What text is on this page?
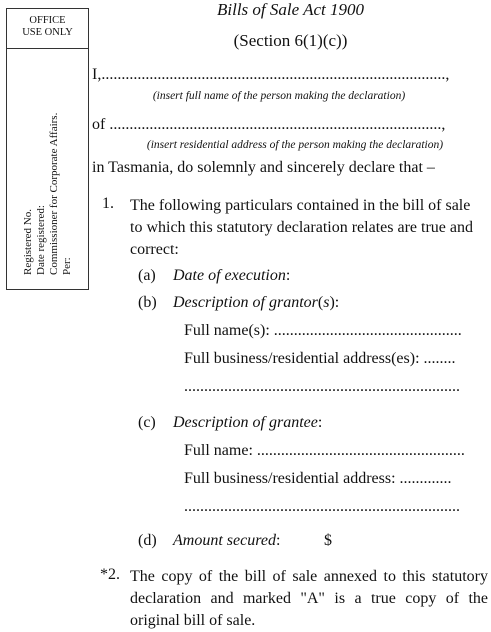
OFFICE
USE ONLY
Registered No. Date registered: Commissioner for Corporate Affairs. Per:
Bills of Sale Act 1900
(Section 6(1)(c))
I,......................................................................................,
(insert full name of the person making the declaration)
of ...................................................................................,
(insert residential address of the person making the declaration)
in Tasmania, do solemnly and sincerely declare that –
1. The following particulars contained in the bill of sale to which this statutory declaration relates are true and correct:
(a) Date of execution:
(b) Description of grantor(s):
Full name(s): ...............................................
Full business/residential address(es): ........
.....................................................................
(c) Description of grantee:
Full name: ....................................................
Full business/residential address: .............
.....................................................................
(d) Amount secured:	$
*2. The copy of the bill of sale annexed to this statutory declaration and marked "A" is a true copy of the original bill of sale.
